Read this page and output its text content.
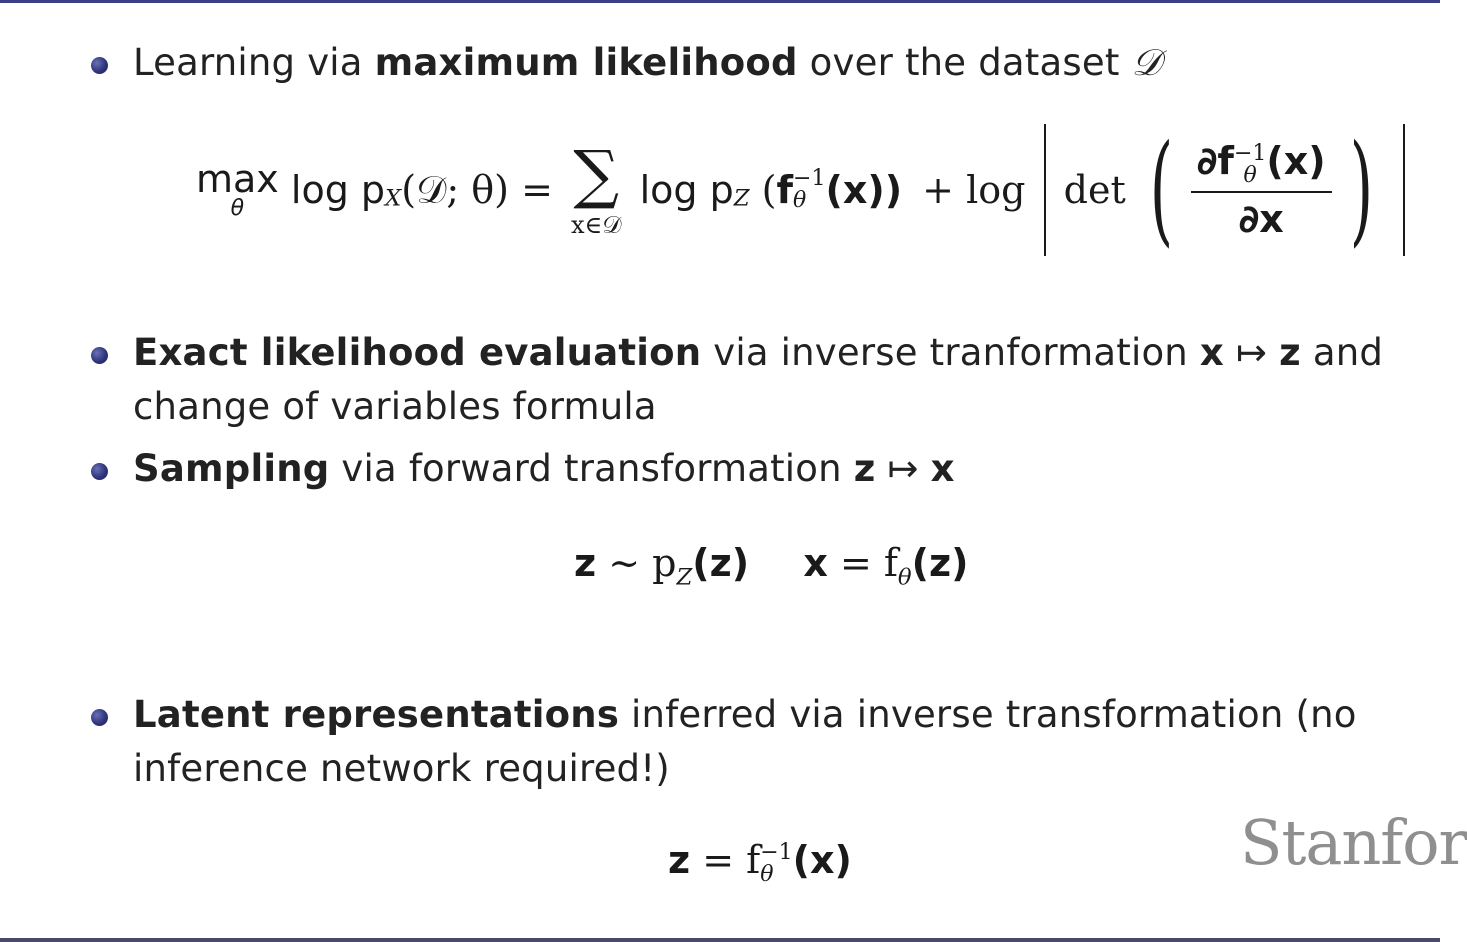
Learning via maximum likelihood over the dataset 𝒟
max
θ	$\log p_X(𝒟$; θ) = ∑
x∈𝒟
$\log p_Z$ (f −1
θ (x)) + log det ( ∂f −1
θ (x)
∂x )
Exact likelihood evaluation via inverse tranformation x ↦ z and
change of variables formula
Sampling via forward transformation z ↦ x
z ∼ $p_Z(z) x = f_\theta(z)$
Latent representations inferred via inverse transformation (no
inference network required!)
z = f −1
θ (x)	Stanfor
